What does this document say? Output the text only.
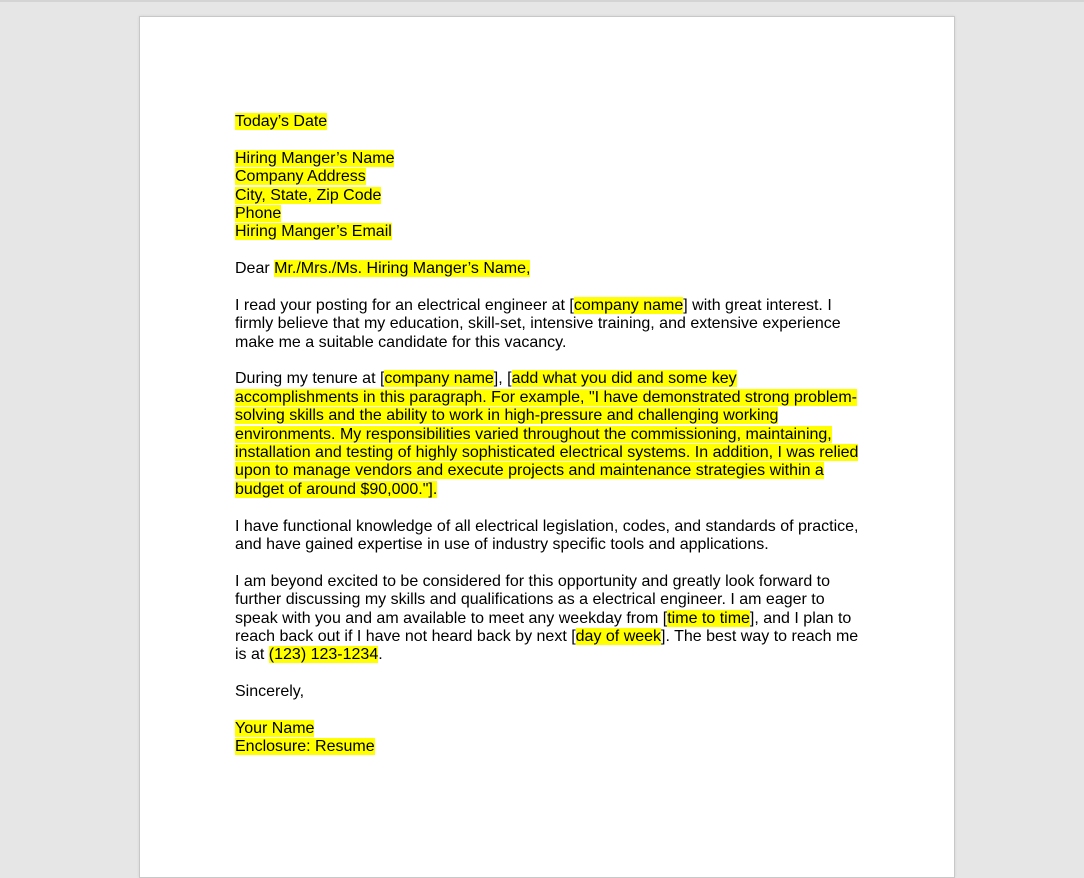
Today’s Date
Hiring Manger’s Name
Company Address
City, State, Zip Code
Phone
Hiring Manger’s Email
Dear Mr./Mrs./Ms. Hiring Manger’s Name,
I read your posting for an electrical engineer at [company name] with great interest. I
firmly believe that my education, skill-set, intensive training, and extensive experience
make me a suitable candidate for this vacancy.
During my tenure at [company name], [add what you did and some key
accomplishments in this paragraph. For example, "I have demonstrated strong problem-
solving skills and the ability to work in high-pressure and challenging working
environments. My responsibilities varied throughout the commissioning, maintaining,
installation and testing of highly sophisticated electrical systems. In addition, I was relied
upon to manage vendors and execute projects and maintenance strategies within a
budget of around $90,000."].
I have functional knowledge of all electrical legislation, codes, and standards of practice,
and have gained expertise in use of industry specific tools and applications.
I am beyond excited to be considered for this opportunity and greatly look forward to
further discussing my skills and qualifications as a electrical engineer. I am eager to
speak with you and am available to meet any weekday from [time to time], and I plan to
reach back out if I have not heard back by next [day of week]. The best way to reach me
is at (123) 123-1234.
Sincerely,
Your Name
Enclosure: Resume
